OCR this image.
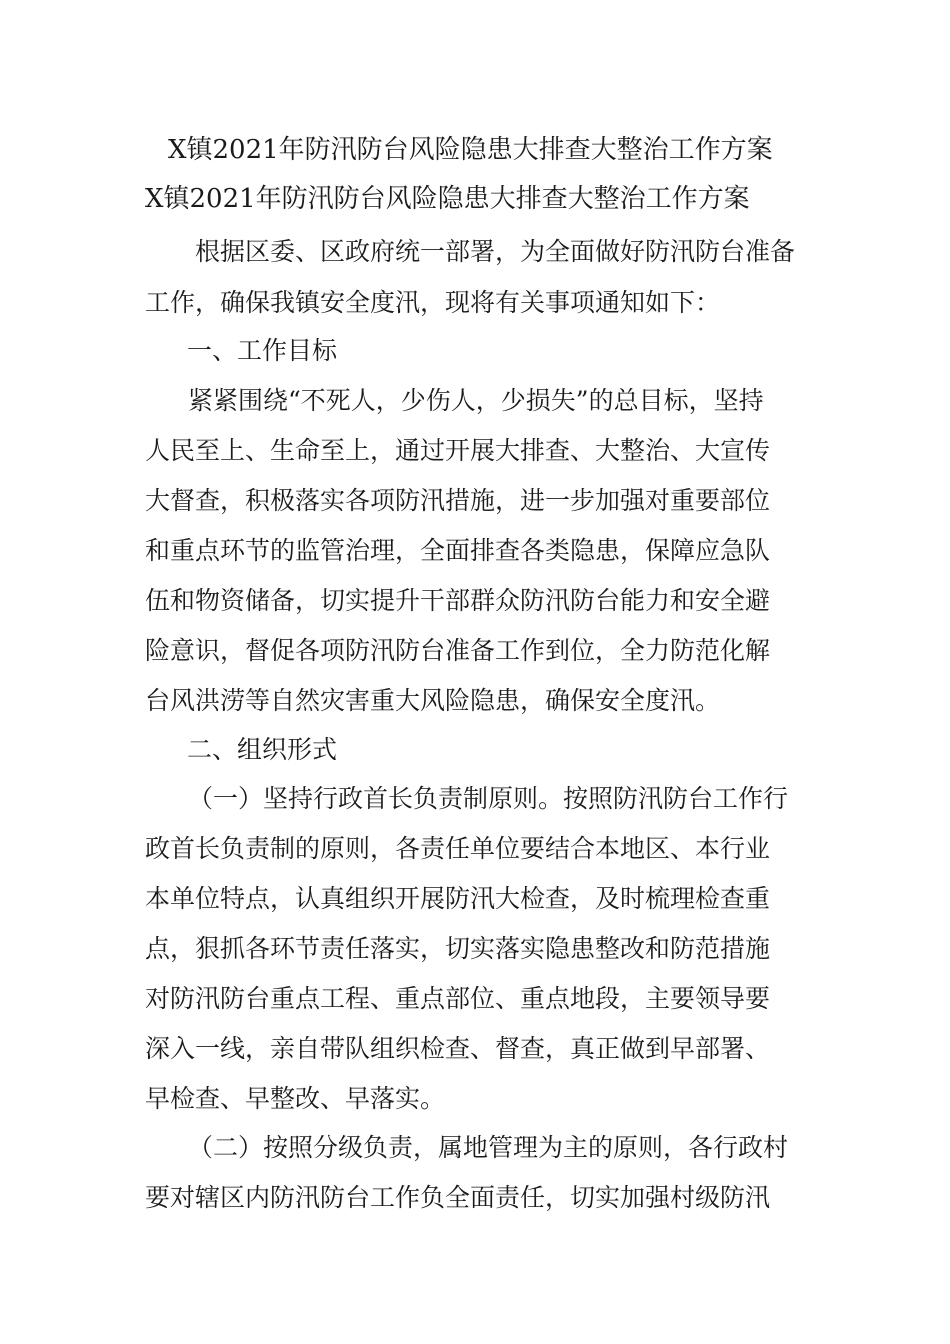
X镇2021年防汛防台风险隐患大排查大整治工作方案
X镇2021年防汛防台风险隐患大排查大整治工作方案
根据区委、区政府统一部署，为全面做好防汛防台准备
工作，确保我镇安全度汛，现将有关事项通知如下：
一、工作目标
紧紧围绕“不死人，少伤人，少损失”的总目标，坚持
人民至上、生命至上，通过开展大排查、大整治、大宣传
大督查，积极落实各项防汛措施，进一步加强对重要部位
和重点环节的监管治理，全面排查各类隐患，保障应急队
伍和物资储备，切实提升干部群众防汛防台能力和安全避
险意识，督促各项防汛防台准备工作到位，全力防范化解
台风洪涝等自然灾害重大风险隐患，确保安全度汛。
二、组织形式
（一）坚持行政首长负责制原则。按照防汛防台工作行
政首长负责制的原则，各责任单位要结合本地区、本行业
本单位特点，认真组织开展防汛大检查，及时梳理检查重
点，狠抓各环节责任落实，切实落实隐患整改和防范措施
对防汛防台重点工程、重点部位、重点地段，主要领导要
深入一线，亲自带队组织检查、督查，真正做到早部署、
早检查、早整改、早落实。
（二）按照分级负责，属地管理为主的原则，各行政村
要对辖区内防汛防台工作负全面责任，切实加强村级防汛
